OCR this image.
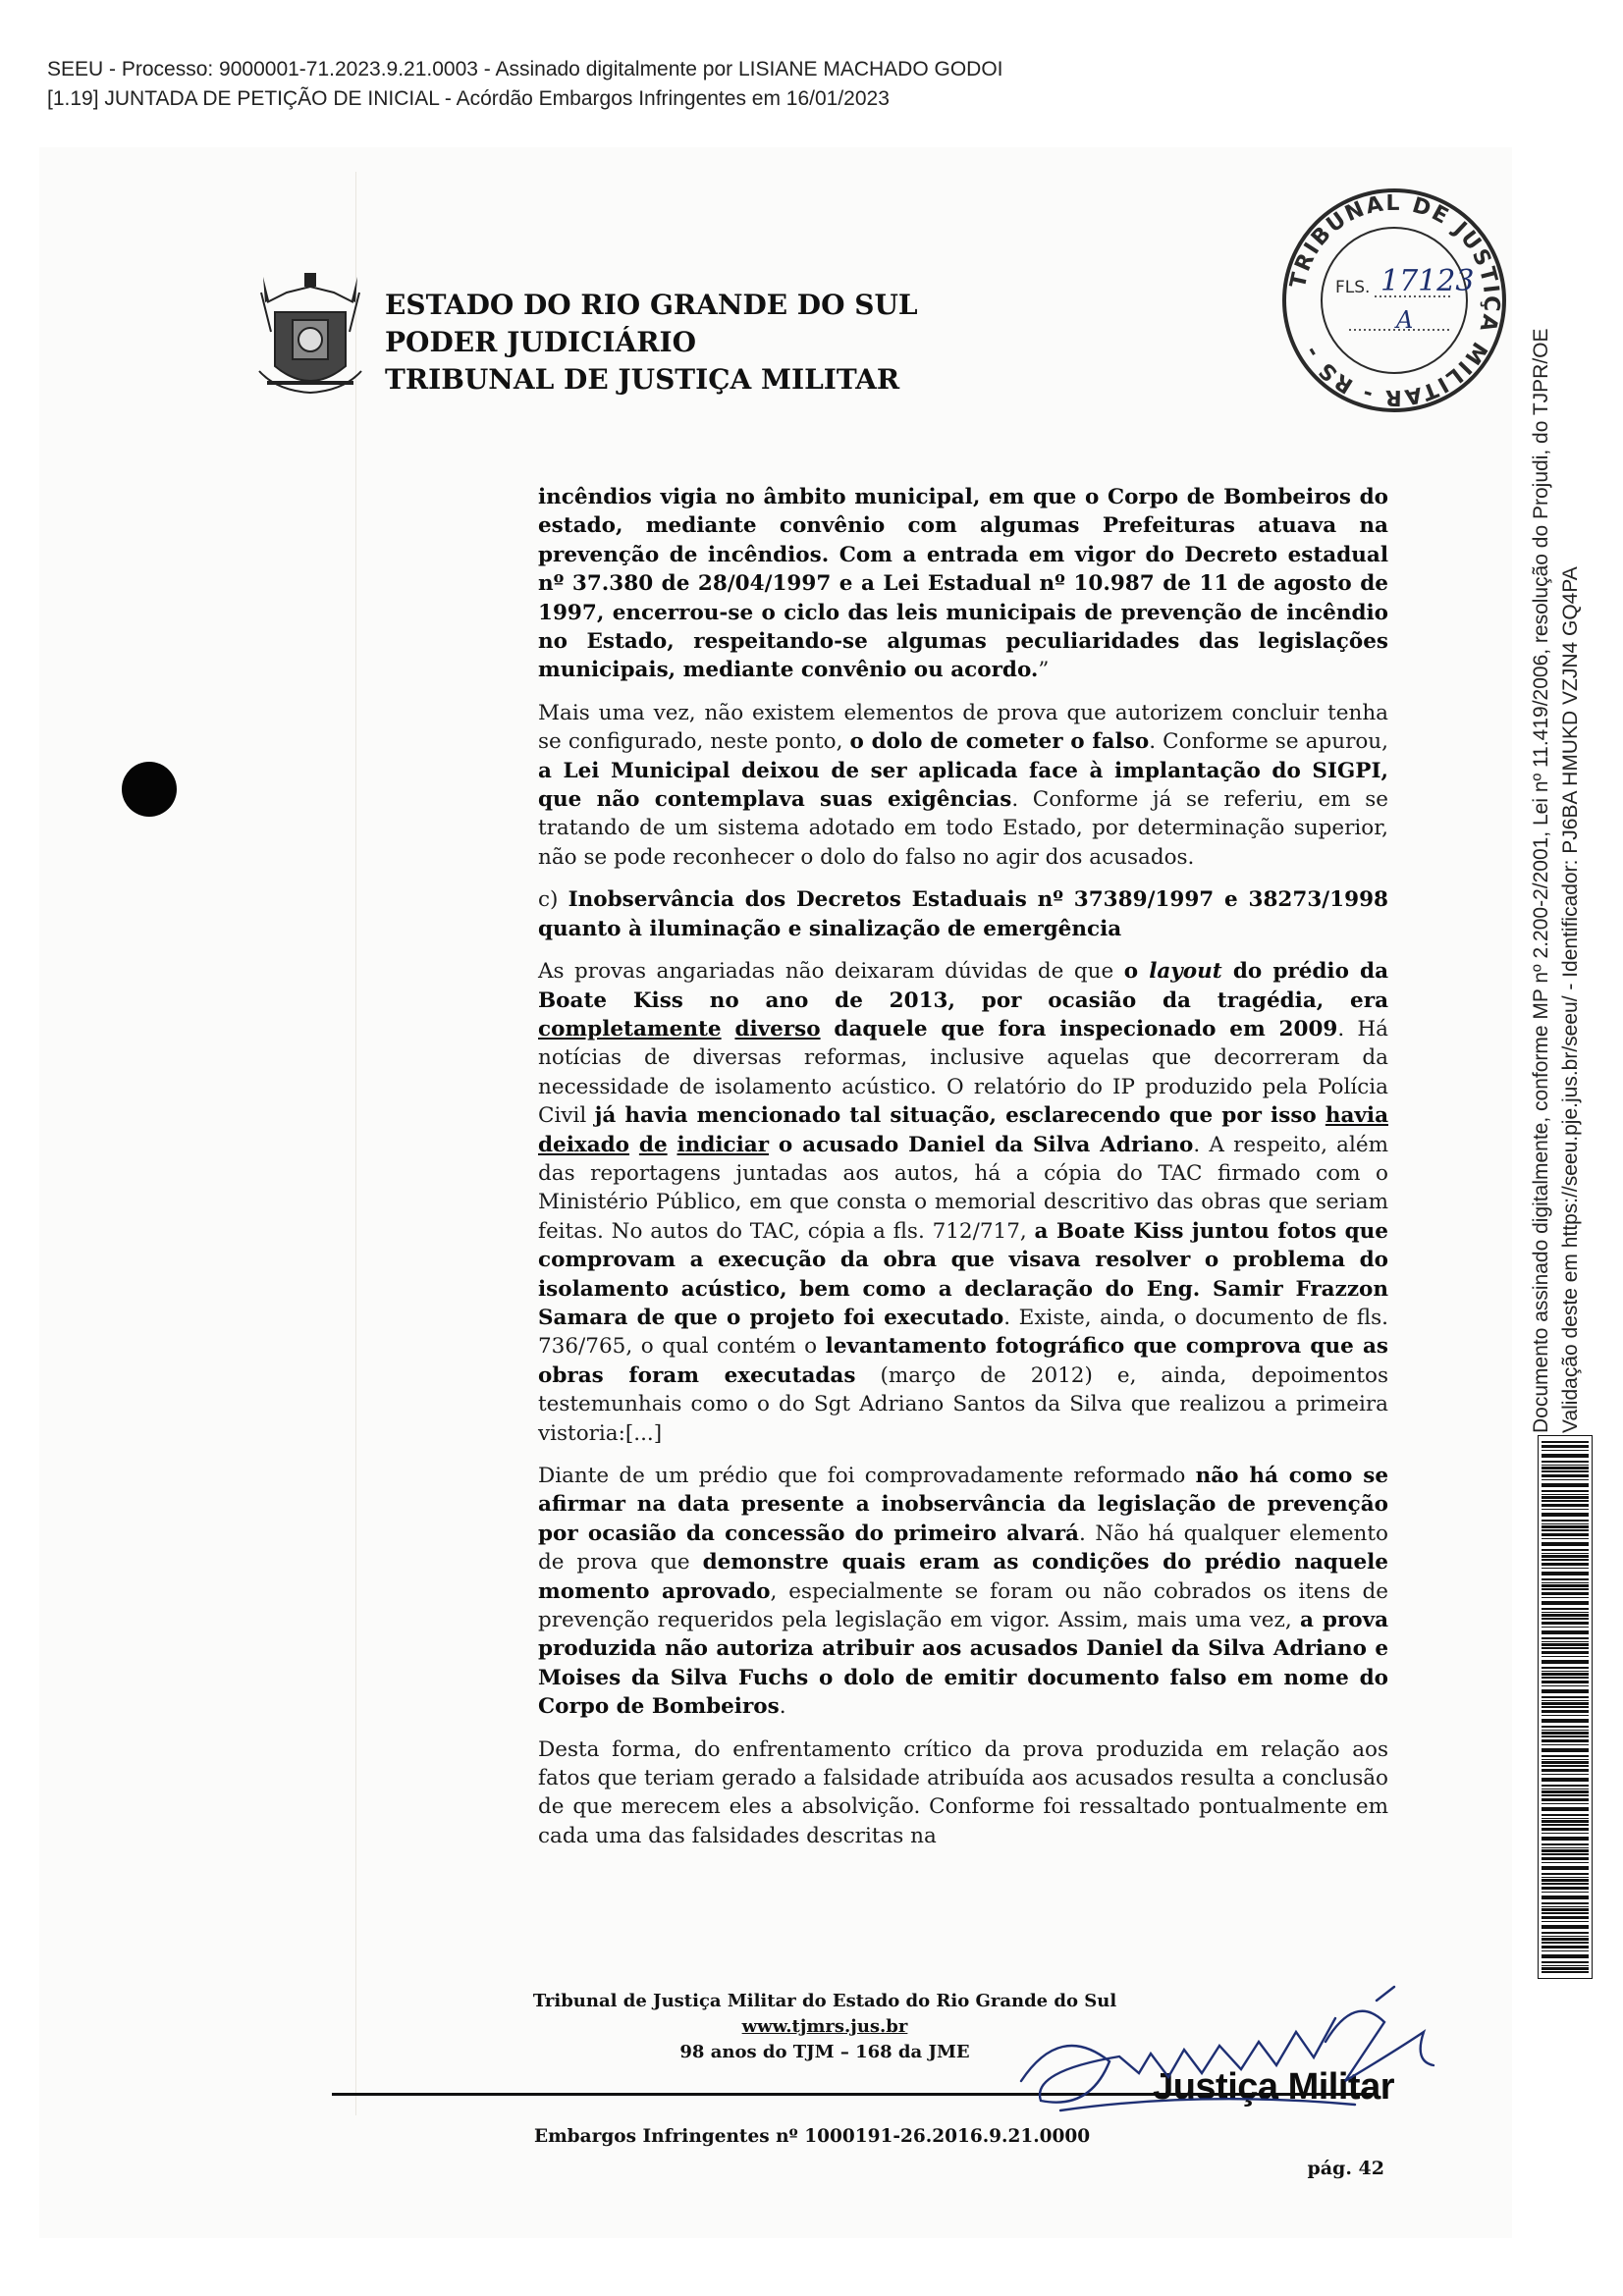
SEEU - Processo: 9000001-71.2023.9.21.0003 - Assinado digitalmente por LISIANE MACHADO GODOI
[1.19] JUNTADA DE PETIÇÃO DE INICIAL - Acórdão Embargos Infringentes em 16/01/2023
ESTADO DO RIO GRANDE DO SUL
PODER JUDICIÁRIO
TRIBUNAL DE JUSTIÇA MILITAR
TRIBUNAL DE JUSTIÇA MILITAR - RS -
FLS. 17123
A
Documento assinado digitalmente, conforme MP nº 2.200-2/2001, Lei nº 11.419/2006, resolução do Projudi, do TJPR/OE Validação deste em https://seeu.pje.jus.br/seeu/ - Identificador: PJ6BA HMUKD VZJN4 GQ4PA

incêndios vigia no âmbito municipal, em que o Corpo de Bombeiros do estado, mediante convênio com algumas Prefeituras atuava na prevenção de incêndios. Com a entrada em vigor do Decreto estadual nº 37.380 de 28/04/1997 e a Lei Estadual nº 10.987 de 11 de agosto de 1997, encerrou-se o ciclo das leis municipais de prevenção de incêndio no Estado, respeitando-se algumas peculiaridades das legislações municipais, mediante convênio ou acordo.”

Mais uma vez, não existem elementos de prova que autorizem concluir tenha se configurado, neste ponto, o dolo de cometer o falso. Conforme se apurou, a Lei Municipal deixou de ser aplicada face à implantação do SIGPI, que não contemplava suas exigências. Conforme já se referiu, em se tratando de um sistema adotado em todo Estado, por determinação superior, não se pode reconhecer o dolo do falso no agir dos acusados.

c) Inobservância dos Decretos Estaduais nº 37389/1997 e 38273/1998 quanto à iluminação e sinalização de emergência

As provas angariadas não deixaram dúvidas de que o layout do prédio da Boate Kiss no ano de 2013, por ocasião da tragédia, era completamente diverso daquele que fora inspecionado em 2009. Há notícias de diversas reformas, inclusive aquelas que decorreram da necessidade de isolamento acústico. O relatório do IP produzido pela Polícia Civil já havia mencionado tal situação, esclarecendo que por isso havia deixado de indiciar o acusado Daniel da Silva Adriano. A respeito, além das reportagens juntadas aos autos, há a cópia do TAC firmado com o Ministério Público, em que consta o memorial descritivo das obras que seriam feitas. No autos do TAC, cópia a fls. 712/717, a Boate Kiss juntou fotos que comprovam a execução da obra que visava resolver o problema do isolamento acústico, bem como a declaração do Eng. Samir Frazzon Samara de que o projeto foi executado. Existe, ainda, o documento de fls. 736/765, o qual contém o levantamento fotográfico que comprova que as obras foram executadas (março de 2012) e, ainda, depoimentos testemunhais como o do Sgt Adriano Santos da Silva que realizou a primeira vistoria:[...]

Diante de um prédio que foi comprovadamente reformado não há como se afirmar na data presente a inobservância da legislação de prevenção por ocasião da concessão do primeiro alvará. Não há qualquer elemento de prova que demonstre quais eram as condições do prédio naquele momento aprovado, especialmente se foram ou não cobrados os itens de prevenção requeridos pela legislação em vigor. Assim, mais uma vez, a prova produzida não autoriza atribuir aos acusados Daniel da Silva Adriano e Moises da Silva Fuchs o dolo de emitir documento falso em nome do Corpo de Bombeiros.

Desta forma, do enfrentamento crítico da prova produzida em relação aos fatos que teriam gerado a falsidade atribuída aos acusados resulta a conclusão de que merecem eles a absolvição. Conforme foi ressaltado pontualmente em cada uma das falsidades descritas na

Tribunal de Justiça Militar do Estado do Rio Grande do Sul
www.tjmrs.jus.br
98 anos do TJM – 168 da JME
Justiça Militar
Embargos Infringentes nº 1000191-26.2016.9.21.0000
pág. 42
